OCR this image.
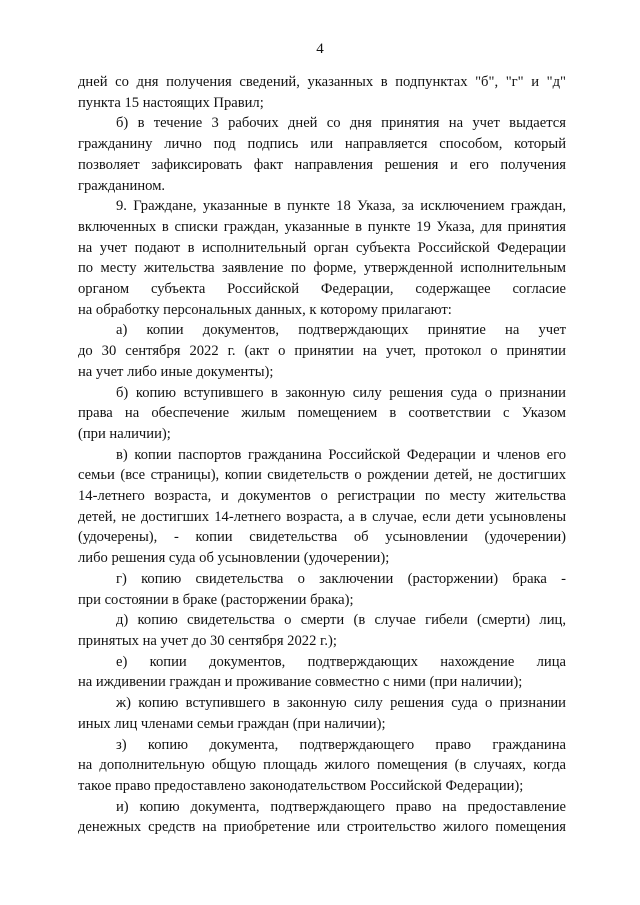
4
дней со дня получения сведений, указанных в подпунктах "б", "г" и "д"
пункта 15 настоящих Правил;
б) в течение 3 рабочих дней со дня принятия на учет выдается
гражданину лично под подпись или направляется способом, который
позволяет зафиксировать факт направления решения и его получения
гражданином.
9. Граждане, указанные в пункте 18 Указа, за исключением граждан,
включенных в списки граждан, указанные в пункте 19 Указа, для принятия
на учет подают в исполнительный орган субъекта Российской Федерации
по месту жительства заявление по форме, утвержденной исполнительным
органом субъекта Российской Федерации, содержащее согласие
на обработку персональных данных, к которому прилагают:
а) копии документов, подтверждающих принятие на учет
до 30 сентября 2022 г. (акт о принятии на учет, протокол о принятии
на учет либо иные документы);
б) копию вступившего в законную силу решения суда о признании
права на обеспечение жилым помещением в соответствии с Указом
(при наличии);
в) копии паспортов гражданина Российской Федерации и членов его
семьи (все страницы), копии свидетельств о рождении детей, не достигших
14-летнего возраста, и документов о регистрации по месту жительства
детей, не достигших 14-летнего возраста, а в случае, если дети усыновлены
(удочерены), - копии свидетельства об усыновлении (удочерении)
либо решения суда об усыновлении (удочерении);
г) копию свидетельства о заключении (расторжении) брака -
при состоянии в браке (расторжении брака);
д) копию свидетельства о смерти (в случае гибели (смерти) лиц,
принятых на учет до 30 сентября 2022 г.);
е) копии документов, подтверждающих нахождение лица
на иждивении граждан и проживание совместно с ними (при наличии);
ж) копию вступившего в законную силу решения суда о признании
иных лиц членами семьи граждан (при наличии);
з) копию документа, подтверждающего право гражданина
на дополнительную общую площадь жилого помещения (в случаях, когда
такое право предоставлено законодательством Российской Федерации);
и) копию документа, подтверждающего право на предоставление
денежных средств на приобретение или строительство жилого помещения
